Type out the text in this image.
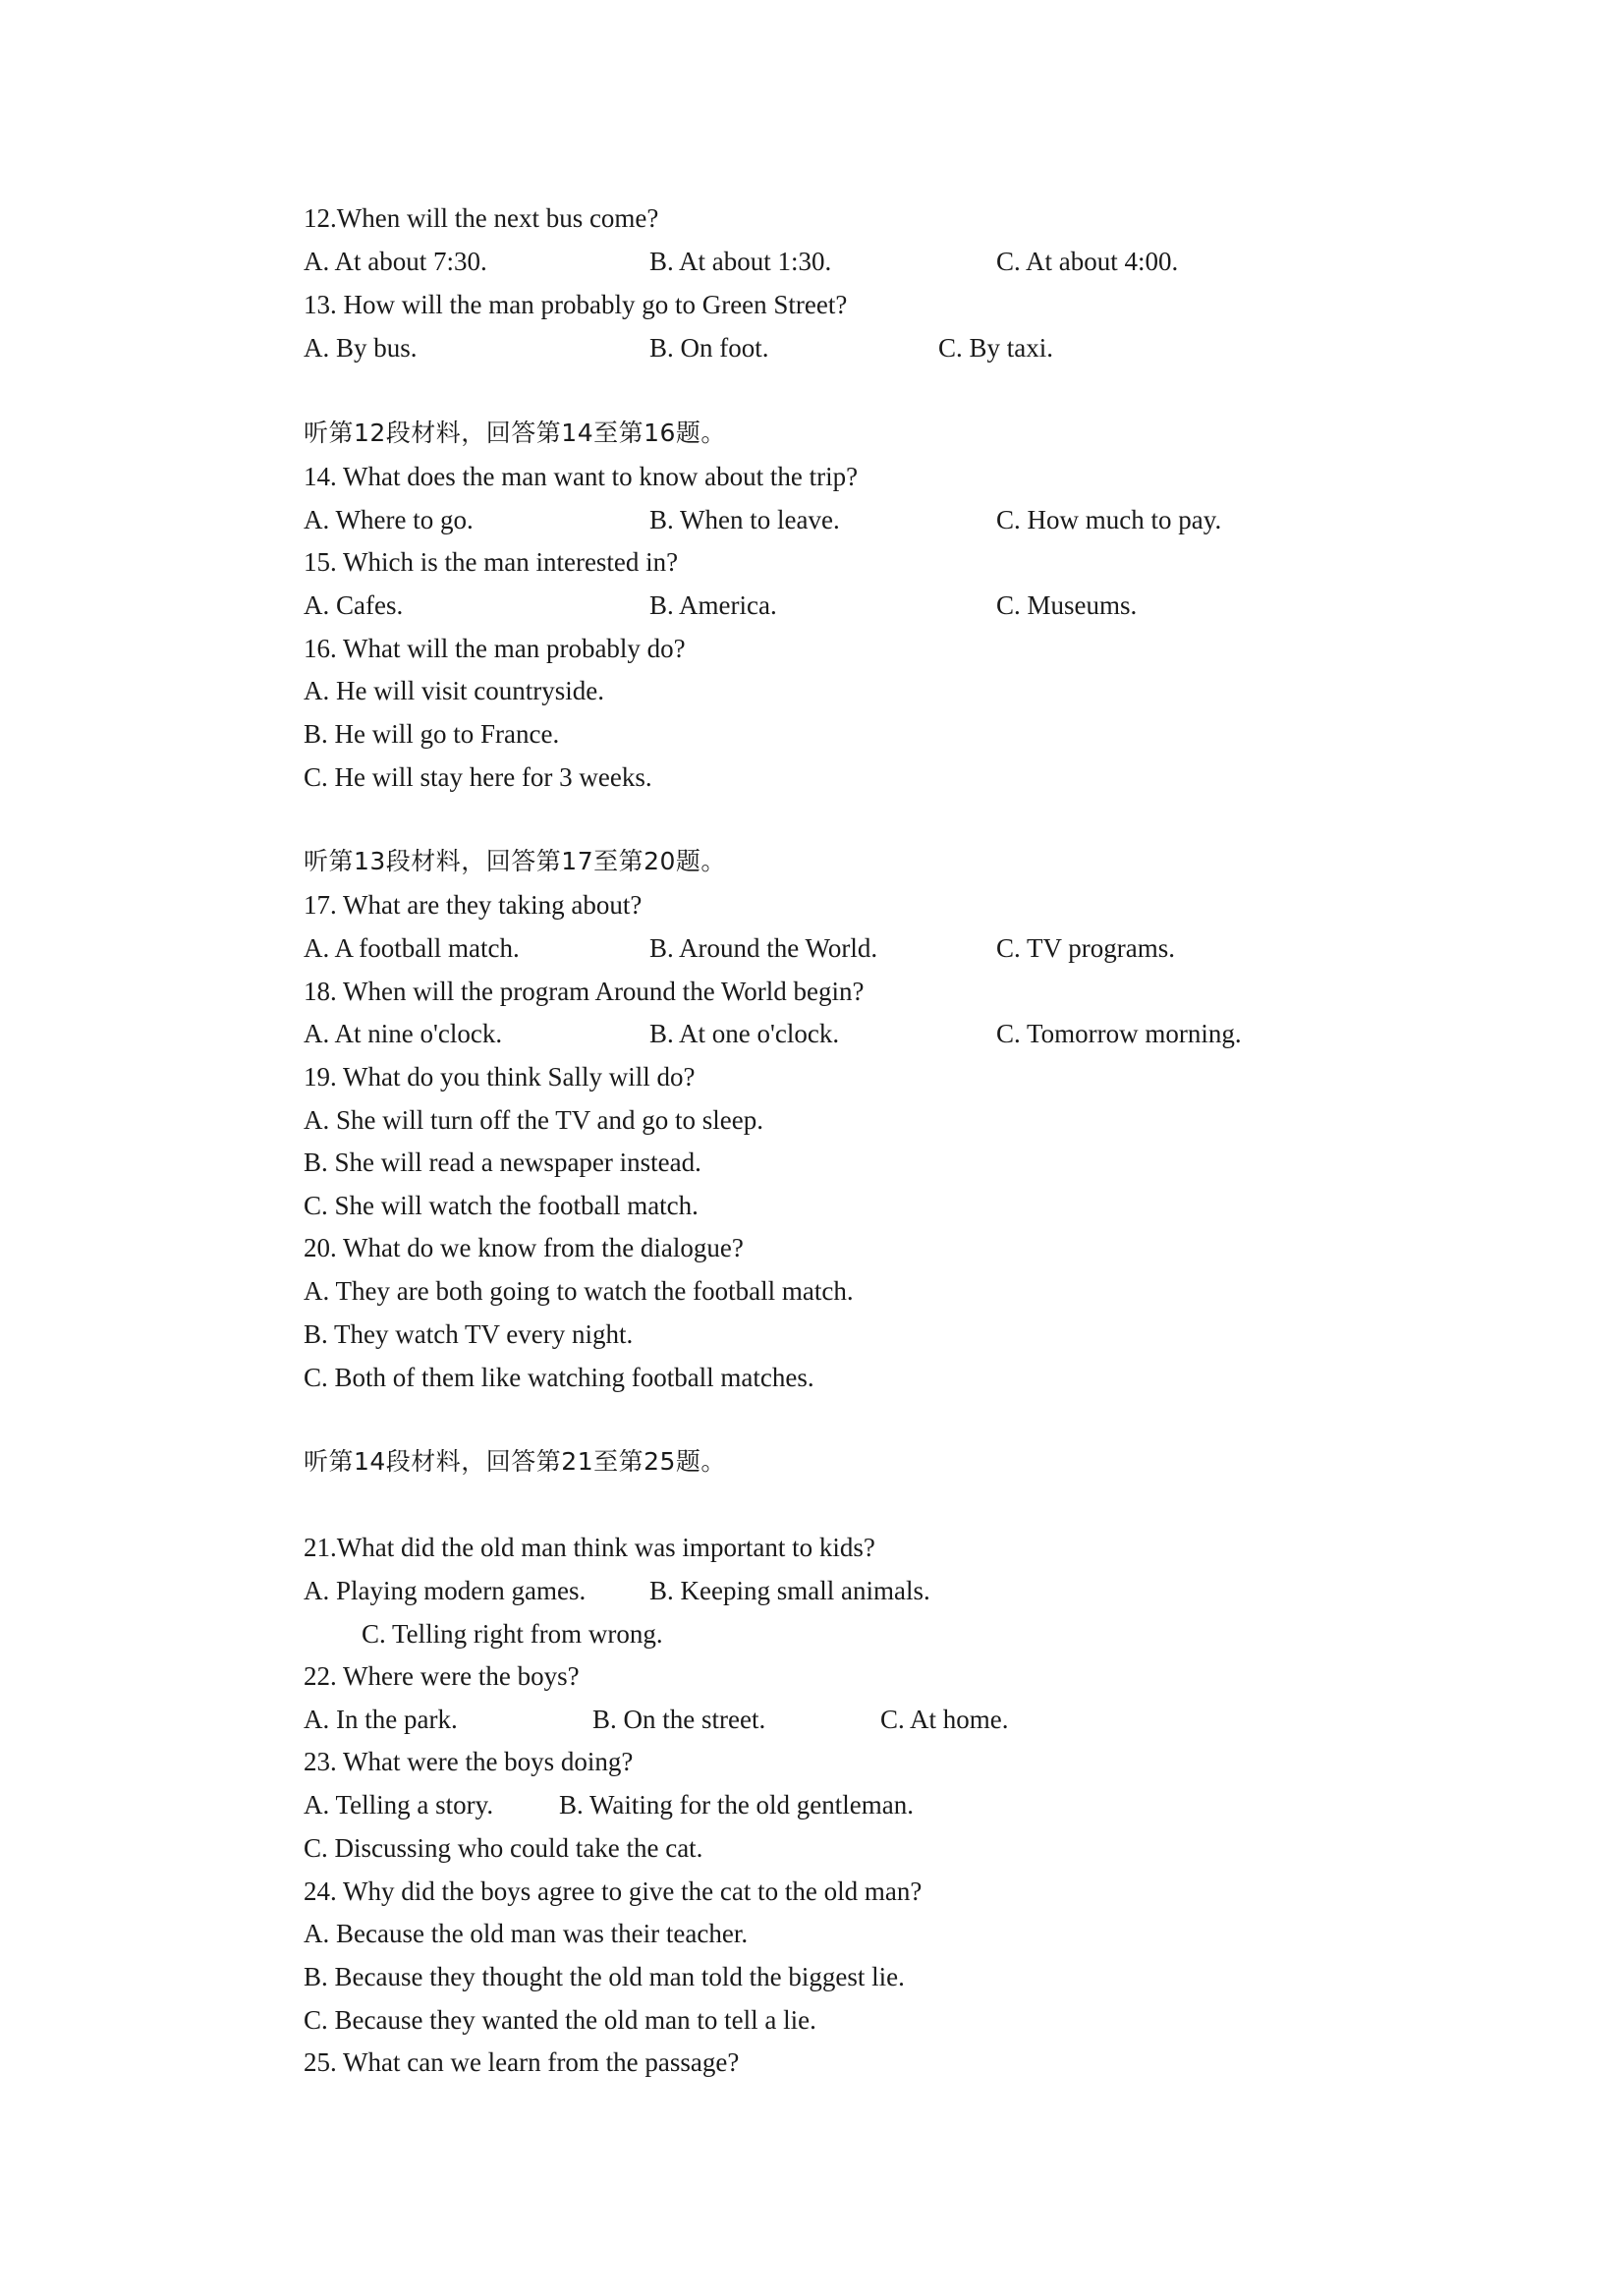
12.When will the next bus come?
A. At about 7:30.	B. At about 1:30.	C. At about 4:00.
13. How will the man probably go to Green Street?
A. By bus.	B. On foot.	C. By taxi.
听第12段材料，回答第14至第16题。
14. What does the man want to know about the trip?
A. Where to go.	B. When to leave.	C. How much to pay.
15. Which is the man interested in?
A. Cafes.	B. America.	C. Museums.
16. What will the man probably do?
A. He will visit countryside.
B. He will go to France.
C. He will stay here for 3 weeks.
听第13段材料，回答第17至第20题。
17. What are they taking about?
A. A football match.	B. Around the World.	C. TV programs.
18. When will the program Around the World begin?
A. At nine o'clock.	B. At one o'clock.	C. Tomorrow morning.
19. What do you think Sally will do?
A. She will turn off the TV and go to sleep.
B. She will read a newspaper instead.
C. She will watch the football match.
20. What do we know from the dialogue?
A. They are both going to watch the football match.
B. They watch TV every night.
C. Both of them like watching football matches.
听第14段材料，回答第21至第25题。
21.What did the old man think was important to kids?
A. Playing modern games. B. Keeping small animals.
C. Telling right from wrong.
22. Where were the boys?
A. In the park.	B. On the street.	C. At home.
23. What were the boys doing?
A. Telling a story. B. Waiting for the old gentleman.
C. Discussing who could take the cat.
24. Why did the boys agree to give the cat to the old man?
A. Because the old man was their teacher.
B. Because they thought the old man told the biggest lie.
C. Because they wanted the old man to tell a lie.
25. What can we learn from the passage?
